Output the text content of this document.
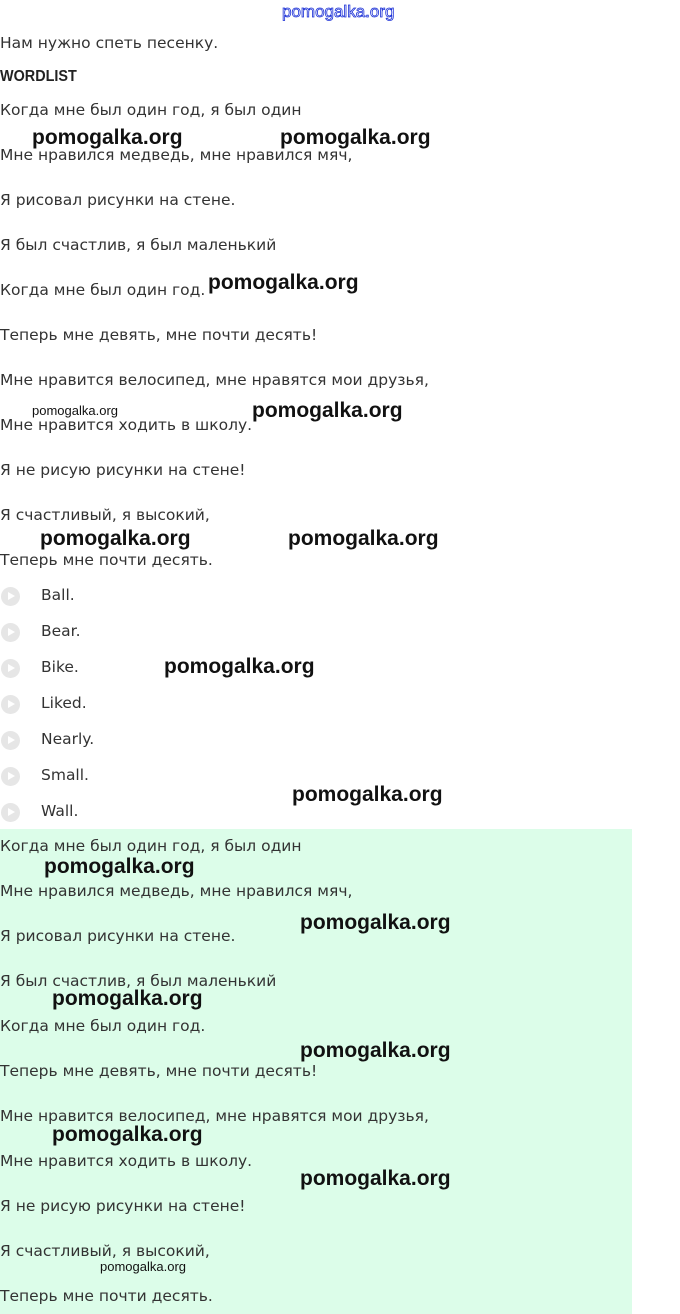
pomogalka.org
Нам нужно спеть песенку.
WORDLIST
Когда мне был один год, я был один
Мне нравился медведь, мне нравился мяч,
Я рисовал рисунки на стене.
Я был счастлив, я был маленький
Когда мне был один год.
Теперь мне девять, мне почти десять!
Мне нравится велосипед, мне нравятся мои друзья,
Мне нравится ходить в школу.
Я не рисую рисунки на стене!
Я счастливый, я высокий,
Теперь мне почти десять.
Ball.
Bear.
Bike.
Liked.
Nearly.
Small.
Wall.
Когда мне был один год, я был один
Мне нравился медведь, мне нравился мяч,
Я рисовал рисунки на стене.
Я был счастлив, я был маленький
Когда мне был один год.
Теперь мне девять, мне почти десять!
Мне нравится велосипед, мне нравятся мои друзья,
Мне нравится ходить в школу.
Я не рисую рисунки на стене!
Я счастливый, я высокий,
Теперь мне почти десять.
pomogalka.org	pomogalka.org
pomogalka.org
pomogalka.org	pomogalka.org
pomogalka.org	pomogalka.org
pomogalka.org
pomogalka.org
pomogalka.org
pomogalka.org
pomogalka.org
pomogalka.org
pomogalka.org
pomogalka.org
pomogalka.org
